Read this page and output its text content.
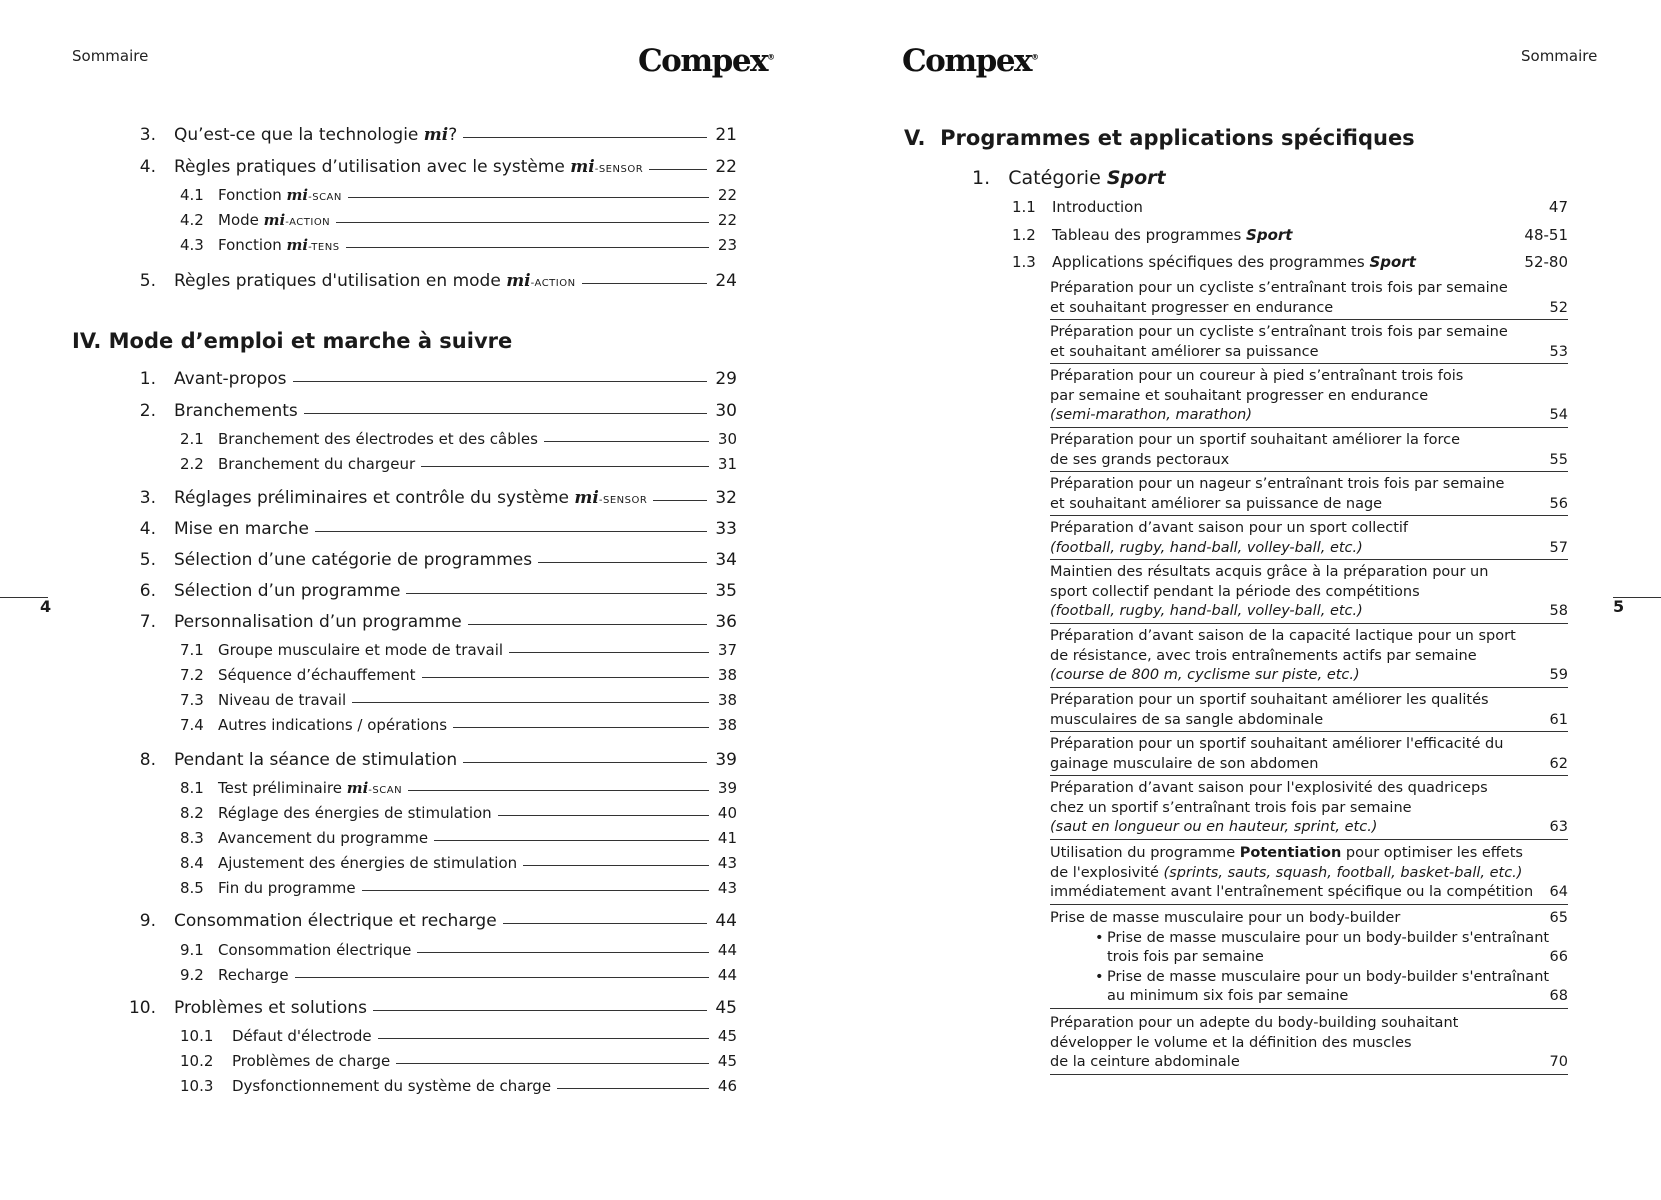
Sommaire	Compex®
4
3. Qu’est-ce que la technologie mi?	21
4. Règles pratiques d’utilisation avec le système mi-SENSOR	22
4.1 Fonction mi-SCAN	22
4.2 Mode mi-ACTION	22
4.3 Fonction mi-TENS	23
5. Règles pratiques d'utilisation en mode mi-ACTION	24
IV. Mode d’emploi et marche à suivre
1. Avant-propos	29
2. Branchements	30
2.1 Branchement des électrodes et des câbles	30
2.2 Branchement du chargeur	31
3. Réglages préliminaires et contrôle du système mi-SENSOR	32
4. Mise en marche	33
5. Sélection d’une catégorie de programmes	34
6. Sélection d’un programme	35
7. Personnalisation d’un programme	36
7.1 Groupe musculaire et mode de travail	37
7.2 Séquence d’échauffement	38
7.3 Niveau de travail	38
7.4 Autres indications / opérations	38
8. Pendant la séance de stimulation	39
8.1 Test préliminaire mi-SCAN	39
8.2 Réglage des énergies de stimulation	40
8.3 Avancement du programme	41
8.4 Ajustement des énergies de stimulation	43
8.5 Fin du programme	43
9. Consommation électrique et recharge	44
9.1 Consommation électrique	44
9.2 Recharge	44
10. Problèmes et solutions	45
10.1	Défaut d'électrode	45
10.2	Problèmes de charge	45
10.3	Dysfonctionnement du système de charge	46
Compex®	Sommaire
5
V. Programmes et applications spécifiques
1. Catégorie Sport
1.1	Introduction	47
1.2	Tableau des programmes Sport	48-51
1.3	Applications spécifiques des programmes Sport	52-80
Préparation pour un cycliste s’entraînant trois fois par semaine
et souhaitant progresser en endurance	52
Préparation pour un cycliste s’entraînant trois fois par semaine
et souhaitant améliorer sa puissance	53
Préparation pour un coureur à pied s’entraînant trois fois
par semaine et souhaitant progresser en endurance
(semi-marathon, marathon)	54
Préparation pour un sportif souhaitant améliorer la force
de ses grands pectoraux	55
Préparation pour un nageur s’entraînant trois fois par semaine
et souhaitant améliorer sa puissance de nage	56
Préparation d’avant saison pour un sport collectif
(football, rugby, hand-ball, volley-ball, etc.)	57
Maintien des résultats acquis grâce à la préparation pour un
sport collectif pendant la période des compétitions
(football, rugby, hand-ball, volley-ball, etc.)	58
Préparation d’avant saison de la capacité lactique pour un sport
de résistance, avec trois entraînements actifs par semaine
(course de 800 m, cyclisme sur piste, etc.)	59
Préparation pour un sportif souhaitant améliorer les qualités
musculaires de sa sangle abdominale	61
Préparation pour un sportif souhaitant améliorer l'efficacité du
gainage musculaire de son abdomen	62
Préparation d’avant saison pour l'explosivité des quadriceps
chez un sportif s’entraînant trois fois par semaine
(saut en longueur ou en hauteur, sprint, etc.)	63
Utilisation du programme Potentiation pour optimiser les effets
de l'explosivité (sprints, sauts, squash, football, basket-ball, etc.)
immédiatement avant l'entraînement spécifique ou la compétition	64
Prise de masse musculaire pour un body-builder	65
• Prise de masse musculaire pour un body-builder s'entraînant
trois fois par semaine	66
• Prise de masse musculaire pour un body-builder s'entraînant
au minimum six fois par semaine	68
Préparation pour un adepte du body-building souhaitant
développer le volume et la définition des muscles
de la ceinture abdominale	70
